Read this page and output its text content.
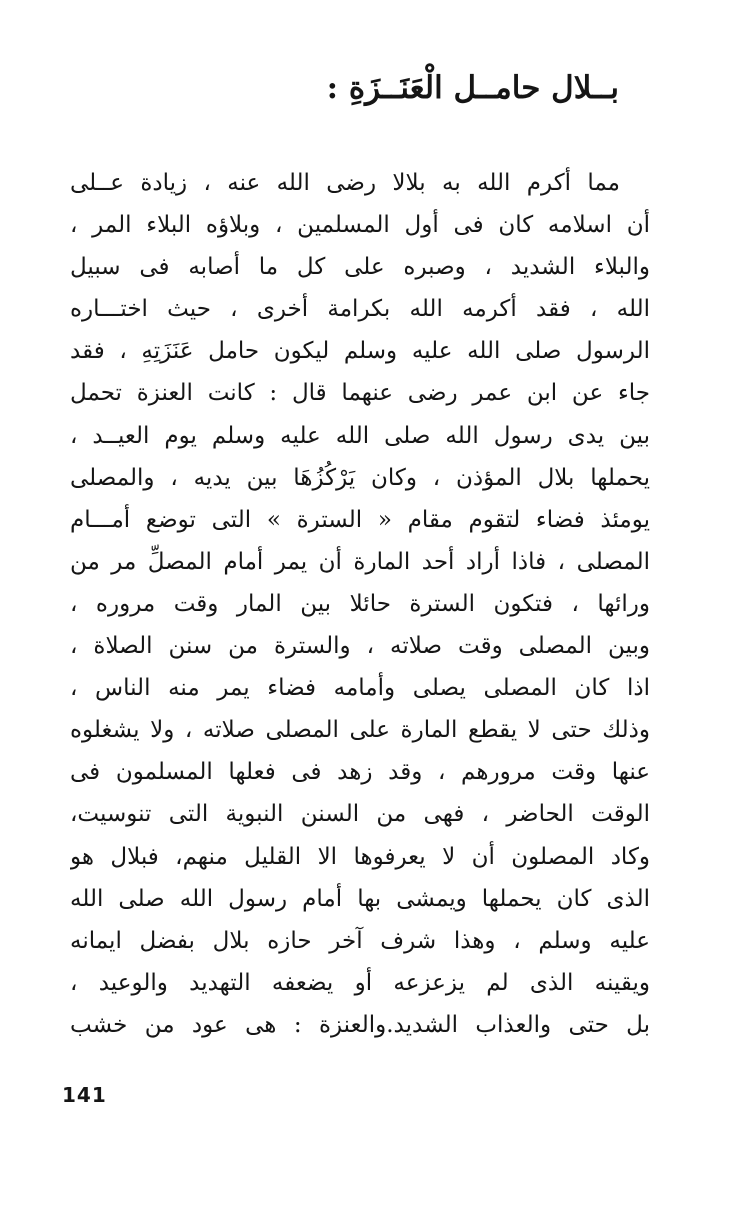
بــلال حامــل الْعَنَــزَةِ :
مما أكرم الله به بلالا رضى الله عنه ، زيادة عــلى
أن اسلامه كان فى أول المسلمين ، وبلاؤه البلاء المر ،
والبلاء الشديد ، وصبره على كل ما أصابه فى سبيل
الله ، فقد أكرمه الله بكرامة أخرى ، حيث اختـــاره
الرسول صلى الله عليه وسلم ليكون حامل عَنَزَتِهِ ، فقد
جاء عن ابن عمر رضى عنهما قال : كانت العنزة تحمل
بين يدى رسول الله صلى الله عليه وسلم يوم العيــد ،
يحملها بلال المؤذن ، وكان يَرْكُزُهَا بين يديه ، والمصلى
يومئذ فضاء لتقوم مقام « السترة » التى توضع أمـــام
المصلى ، فاذا أراد أحد المارة أن يمر أمام المصلِّ مر من
ورائها ، فتكون السترة حائلا بين المار وقت مروره ،
وبين المصلى وقت صلاته ، والسترة من سنن الصلاة ،
اذا كان المصلى يصلى وأمامه فضاء يمر منه الناس ،
وذلك حتى لا يقطع المارة على المصلى صلاته ، ولا يشغلوه
عنها وقت مرورهم ، وقد زهد فى فعلها المسلمون فى
الوقت الحاضر ، فهى من السنن النبوية التى تنوسيت،
وكاد المصلون أن لا يعرفوها الا القليل منهم، فبلال هو
الذى كان يحملها ويمشى بها أمام رسول الله صلى الله
عليه وسلم ، وهذا شرف آخر حازه بلال بفضل ايمانه
ويقينه الذى لم يزعزعه أو يضعفه التهديد والوعيد ،
بل حتى والعذاب الشديد.والعنزة : هى عود من خشب
141
